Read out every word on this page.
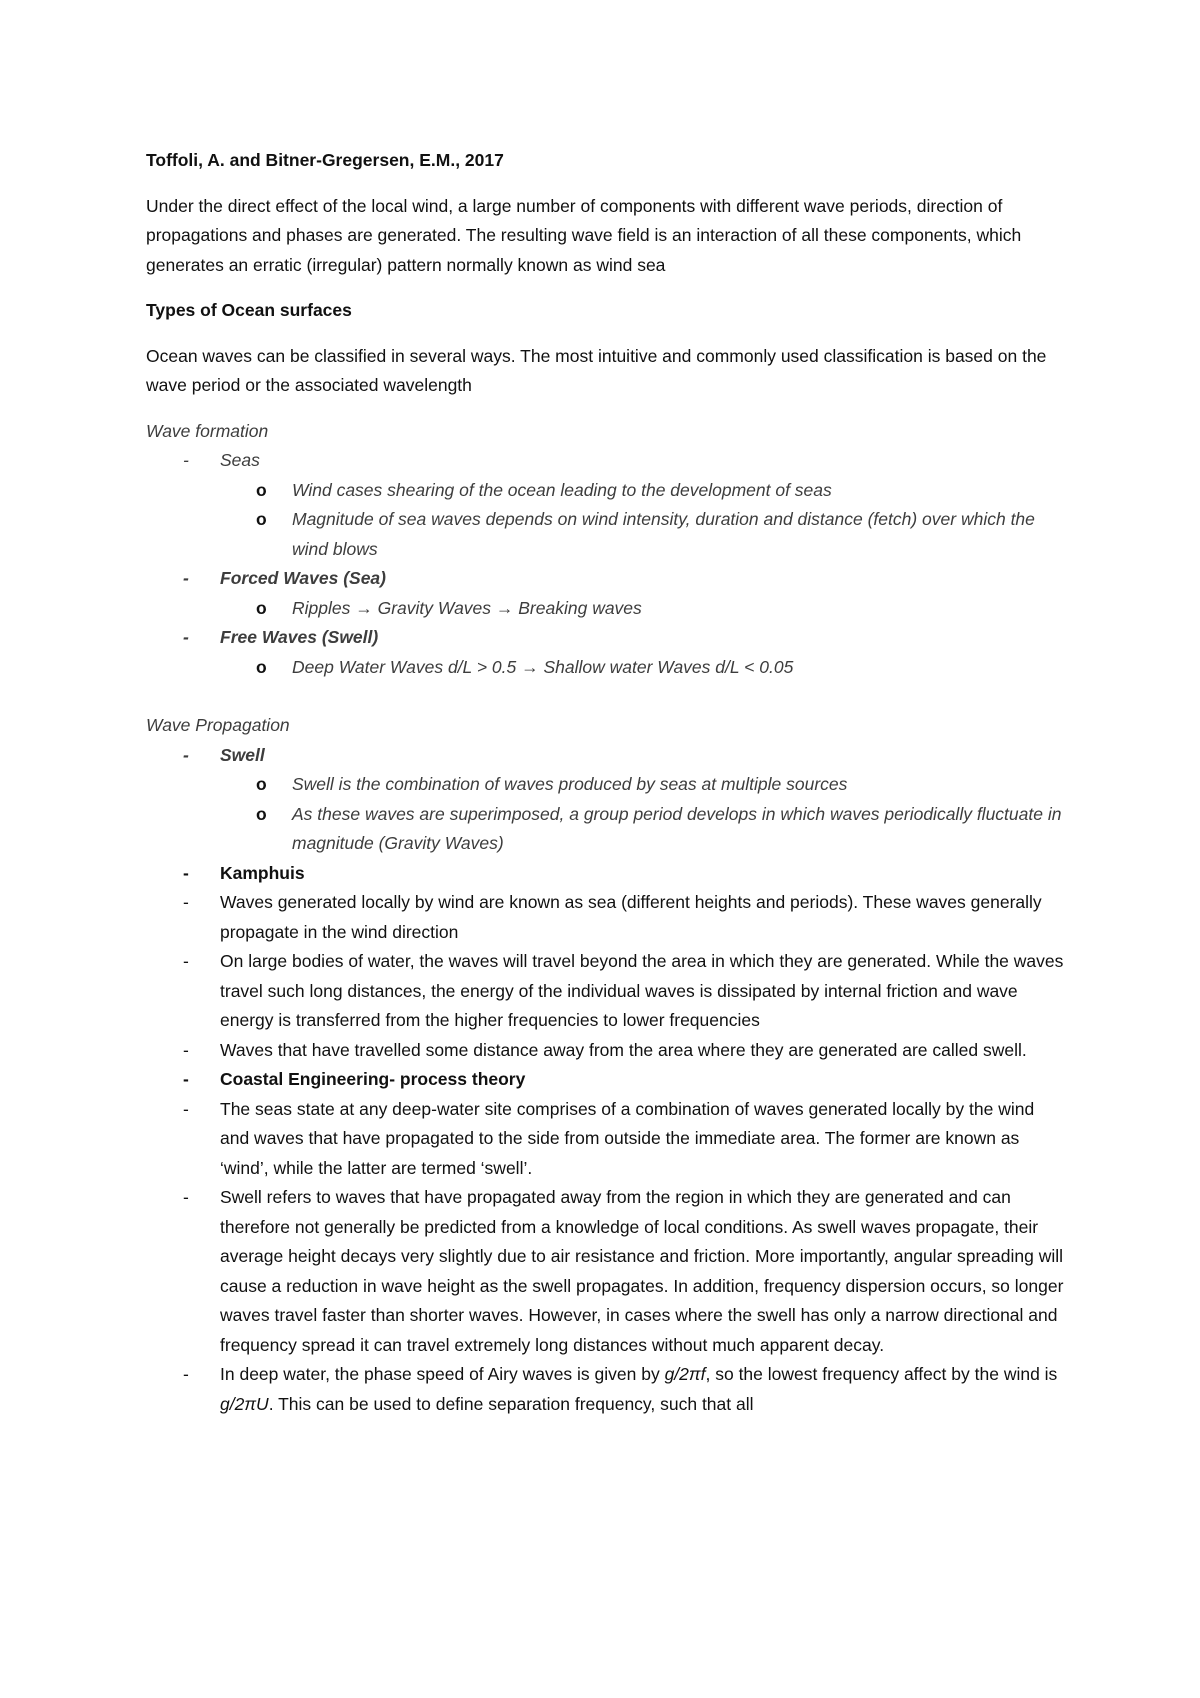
Toffoli, A. and Bitner-Gregersen, E.M., 2017

Under the direct effect of the local wind, a large number of components with different wave periods, direction of propagations and phases are generated. The resulting wave field is an interaction of all these components, which generates an erratic (irregular) pattern normally known as wind sea

Types of Ocean surfaces

Ocean waves can be classified in several ways. The most intuitive and commonly used classification is based on the wave period or the associated wavelength

Wave formation

-	Seas
o	Wind cases shearing of the ocean leading to the development of seas
o	Magnitude of sea waves depends on wind intensity, duration and distance (fetch) over which the wind blows
-	Forced Waves (Sea)
o	Ripples → Gravity Waves → Breaking waves
-	Free Waves (Swell)
o	Deep Water Waves d/L > 0.5 → Shallow water Waves d/L < 0.05

Wave Propagation

-	Swell
o	Swell is the combination of waves produced by seas at multiple sources
o	As these waves are superimposed, a group period develops in which waves periodically fluctuate in magnitude (Gravity Waves)
-	Kamphuis
-	Waves generated locally by wind are known as sea (different heights and periods). These waves generally propagate in the wind direction
-	On large bodies of water, the waves will travel beyond the area in which they are generated. While the waves travel such long distances, the energy of the individual waves is dissipated by internal friction and wave energy is transferred from the higher frequencies to lower frequencies
-	Waves that have travelled some distance away from the area where they are generated are called swell.
-	Coastal Engineering- process theory
-	The seas state at any deep-water site comprises of a combination of waves generated locally by the wind and waves that have propagated to the side from outside the immediate area. The former are known as ‘wind’, while the latter are termed ‘swell’.
-	Swell refers to waves that have propagated away from the region in which they are generated and can therefore not generally be predicted from a knowledge of local conditions. As swell waves propagate, their average height decays very slightly due to air resistance and friction. More importantly, angular spreading will cause a reduction in wave height as the swell propagates. In addition, frequency dispersion occurs, so longer waves travel faster than shorter waves. However, in cases where the swell has only a narrow directional and frequency spread it can travel extremely long distances without much apparent decay.
-	In deep water, the phase speed of Airy waves is given by g/2πf, so the lowest frequency affect by the wind is g/2πU. This can be used to define separation frequency, such that all
